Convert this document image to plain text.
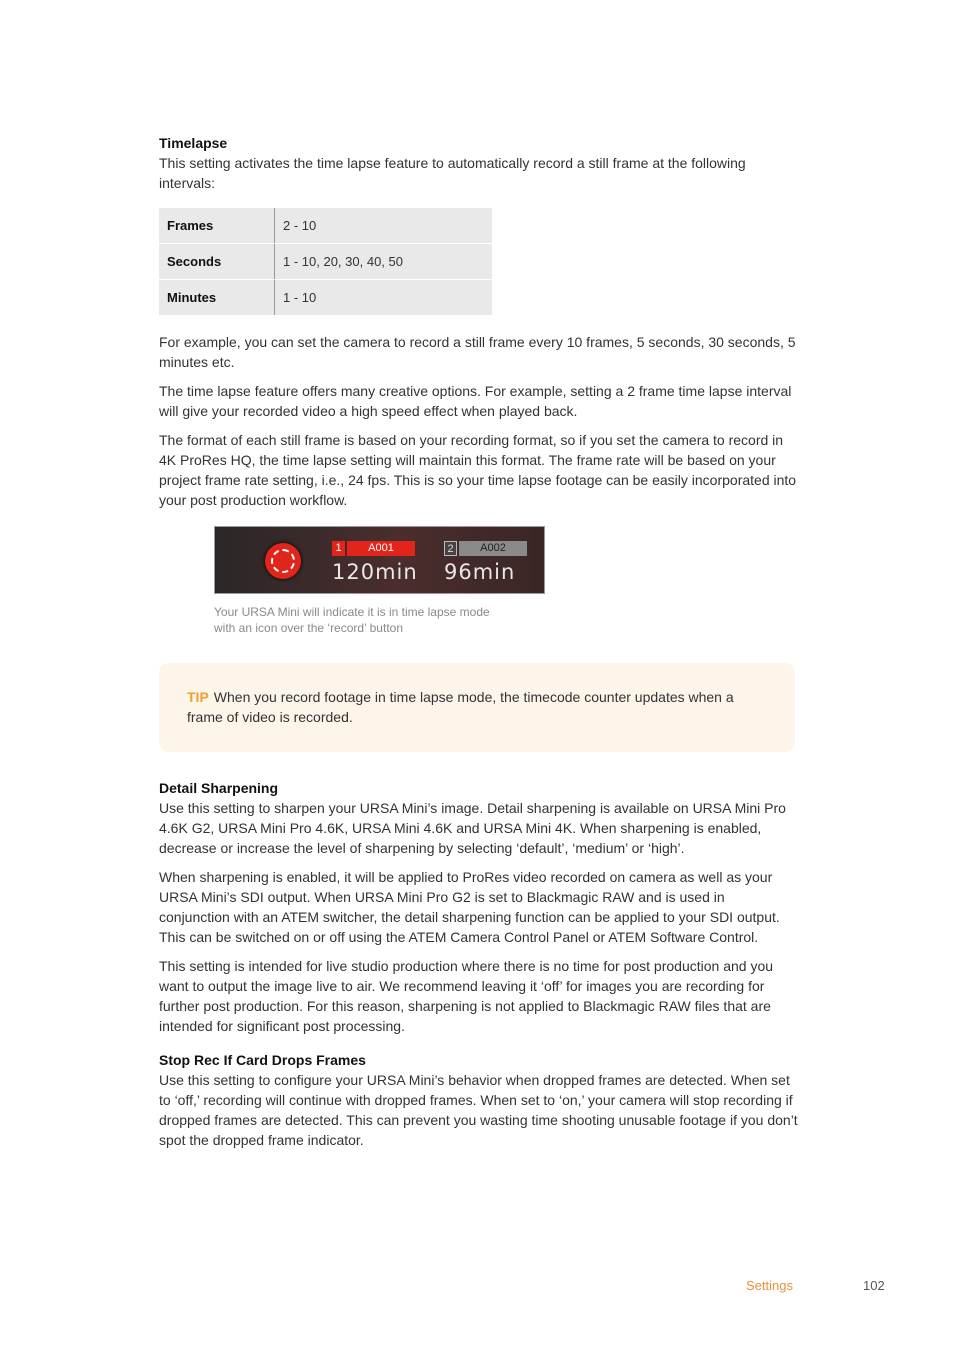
Timelapse

This setting activates the time lapse feature to automatically record a still frame at the following intervals:

Frames	2 - 10
Seconds	1 - 10, 20, 30, 40, 50
Minutes	1 - 10

For example, you can set the camera to record a still frame every 10 frames, 5 seconds, 30 seconds, 5 minutes etc.

The time lapse feature offers many creative options. For example, setting a 2 frame time lapse interval will give your recorded video a high speed effect when played back.

The format of each still frame is based on your recording format, so if you set the camera to record in 4K ProRes HQ, the time lapse setting will maintain this format. The frame rate will be based on your project frame rate setting, i.e., 24 fps. This is so your time lapse footage can be easily incorporated into your post production workflow.

1	A001
120min
2	A002
96min
Your URSA Mini will indicate it is in time lapse mode with an icon over the ‘record’ button
TIP When you record footage in time lapse mode, the timecode counter updates when a frame of video is recorded.
Detail Sharpening

Use this setting to sharpen your URSA Mini’s image. Detail sharpening is available on URSA Mini Pro 4.6K G2, URSA Mini Pro 4.6K, URSA Mini 4.6K and URSA Mini 4K. When sharpening is enabled, decrease or increase the level of sharpening by selecting ‘default’, ‘medium’ or ‘high’.

When sharpening is enabled, it will be applied to ProRes video recorded on camera as well as your URSA Mini’s SDI output. When URSA Mini Pro G2 is set to Blackmagic RAW and is used in conjunction with an ATEM switcher, the detail sharpening function can be applied to your SDI output. This can be switched on or off using the ATEM Camera Control Panel or ATEM Software Control.

This setting is intended for live studio production where there is no time for post production and you want to output the image live to air. We recommend leaving it ‘off’ for images you are recording for further post production. For this reason, sharpening is not applied to Blackmagic RAW files that are intended for significant post processing.

Stop Rec If Card Drops Frames

Use this setting to configure your URSA Mini’s behavior when dropped frames are detected. When set to ‘off,’ recording will continue with dropped frames. When set to ‘on,’ your camera will stop recording if dropped frames are detected. This can prevent you wasting time shooting unusable footage if you don’t spot the dropped frame indicator.

Settings	102
